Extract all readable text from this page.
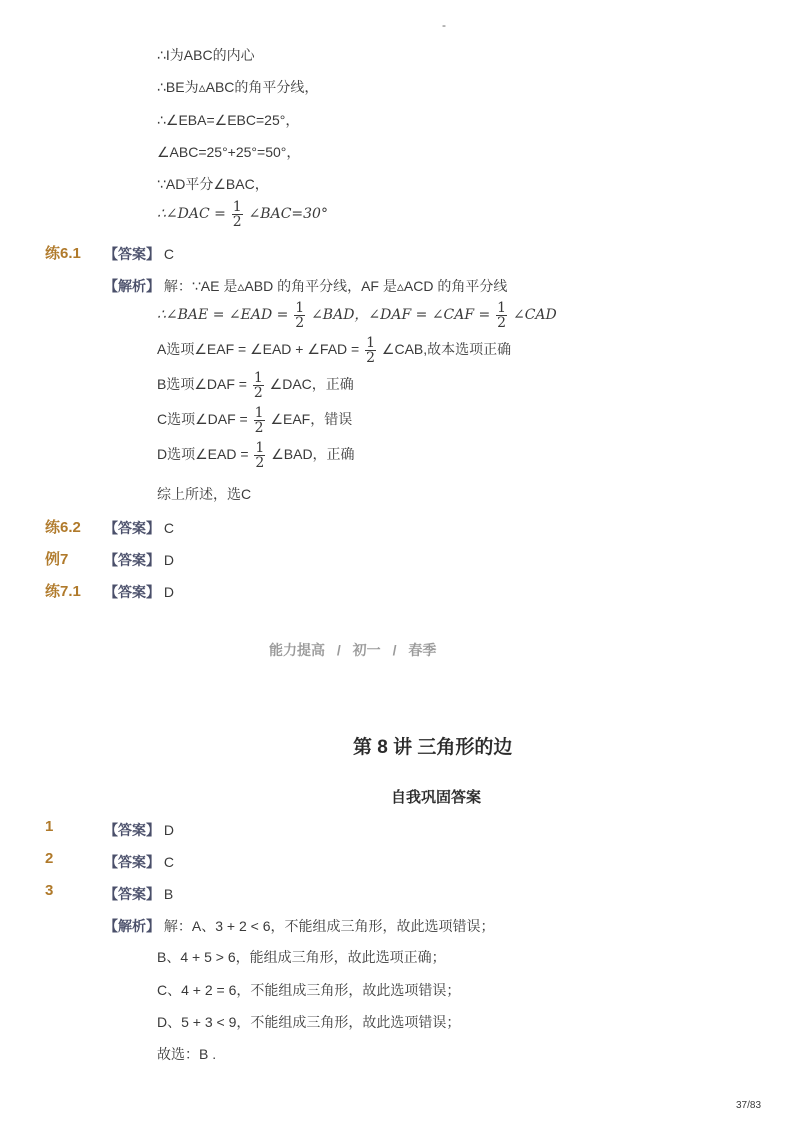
-
∴I为ABC的内心
∴BE为▵ABC的角平分线，
∴∠EBA=∠EBC=25°，
∠ABC=25°+25°=50°，
∵AD平分∠BAC，
∴∠DAC = $\frac{1}{2}$ ∠BAC=30°
练6.1 【答案】 C
【解析】 解：∵AE 是▵ABD 的角平分线，AF 是▵ACD 的角平分线
∴∠BAE = ∠EAD = $\frac{1}{2}$ ∠BAD，∠DAF = ∠CAF = $\frac{1}{2}$ ∠CAD
A选项∠EAF = ∠EAD + ∠FAD = $\frac{1}{2}$ ∠CAB,故本选项正确
B选项∠DAF = $\frac{1}{2}$ ∠DAC，正确
C选项∠DAF = $\frac{1}{2}$ ∠EAF，错误
D选项∠EAD = $\frac{1}{2}$ ∠BAD，正确
综上所述，选C
练6.2 【答案】 C
例7	【答案】 D
练7.1 【答案】 D
能力提高 / 初一 / 春季
第 8 讲 三角形的边
自我巩固答案
1	【答案】 D
2	【答案】 C
3	【答案】 B
【解析】 解：A、3 + 2 < 6，不能组成三角形，故此选项错误；
B、4 + 5 > 6，能组成三角形，故此选项正确；
C、4 + 2 = 6，不能组成三角形，故此选项错误；
D、5 + 3 < 9，不能组成三角形，故此选项错误；
故选：B .
37/83
